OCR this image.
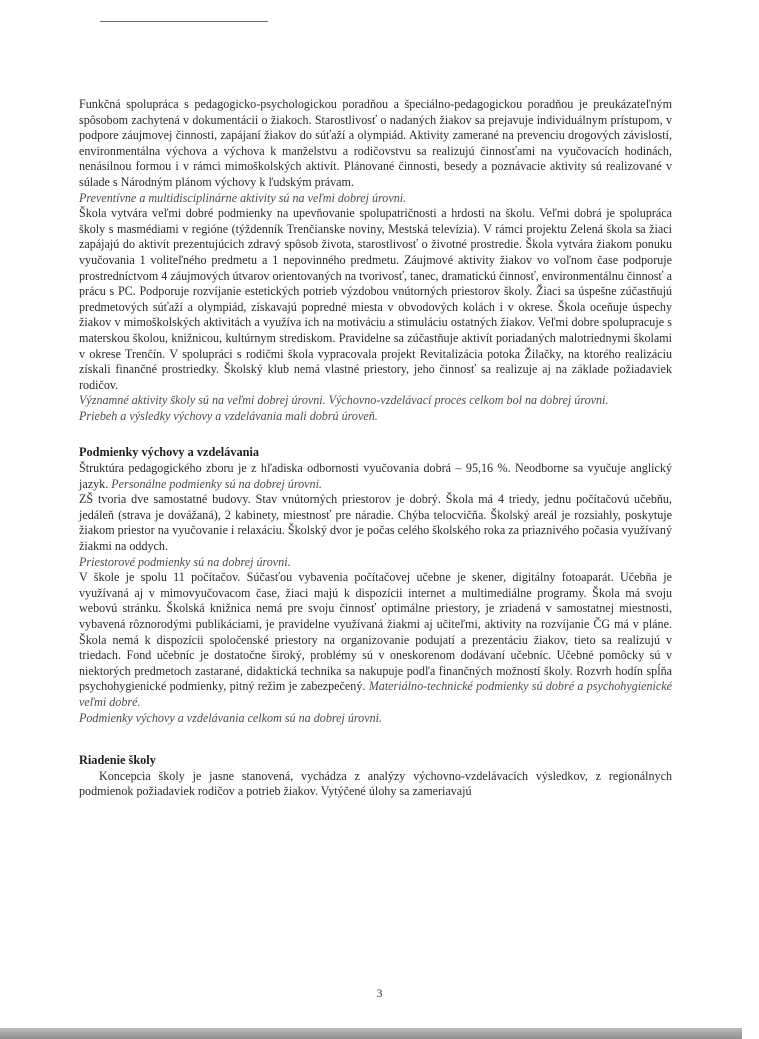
Funkčná spolupráca s pedagogicko-psychologickou poradňou a špeciálno-pedagogickou poradňou je preukázateľným spôsobom zachytená v dokumentácii o žiakoch. Starostlivosť o nadaných žiakov sa prejavuje individuálnym prístupom, v podpore záujmovej činnosti, zapájaní žiakov do súťaží a olympiád. Aktivity zamerané na prevenciu drogových závislostí, environmentálna výchova a výchova k manželstvu a rodičovstvu sa realizujú činnosťami na vyučovacích hodinách, nenásilnou formou i v rámci mimoškolských aktivít. Plánované činnosti, besedy a poznávacie aktivity sú realizované v súlade s Národným plánom výchovy k ľudským právam.

Preventívne a multidisciplinárne aktivity sú na veľmi dobrej úrovni.

Škola vytvára veľmi dobré podmienky na upevňovanie spolupatričnosti a hrdosti na školu. Veľmi dobrá je spolupráca školy s masmédiami v regióne (týždenník Trenčianske noviny, Mestská televízia). V rámci projektu Zelená škola sa žiaci zapájajú do aktivít prezentujúcich zdravý spôsob života, starostlivosť o životné prostredie. Škola vytvára žiakom ponuku vyučovania 1 voliteľného predmetu a 1 nepovinného predmetu. Záujmové aktivity žiakov vo voľnom čase podporuje prostredníctvom 4 záujmových útvarov orientovaných na tvorivosť, tanec, dramatickú činnosť, environmentálnu činnosť a prácu s PC. Podporuje rozvíjanie estetických potrieb výzdobou vnútorných priestorov školy. Žiaci sa úspešne zúčastňujú predmetových súťaží a olympiád, získavajú popredné miesta v obvodových kolách i v okrese. Škola oceňuje úspechy žiakov v mimoškolských aktivitách a využíva ich na motiváciu a stimuláciu ostatných žiakov. Veľmi dobre spolupracuje s materskou školou, knižnicou, kultúrnym strediskom. Pravidelne sa zúčastňuje aktivít poriadaných malotriednymi školami v okrese Trenčín. V spolupráci s rodičmi škola vypracovala projekt Revitalizácia potoka Žilačky, na ktorého realizáciu získali finančné prostriedky. Školský klub nemá vlastné priestory, jeho činnosť sa realizuje aj na základe požiadaviek rodičov.

Významné aktivity školy sú na veľmi dobrej úrovni. Výchovno-vzdelávací proces celkom bol na dobrej úrovni.

Priebeh a výsledky výchovy a vzdelávania mali dobrú úroveň.

Podmienky výchovy a vzdelávania

Štruktúra pedagogického zboru je z hľadiska odbornosti vyučovania dobrá – 95,16 %. Neodborne sa vyučuje anglický jazyk. Personálne podmienky sú na dobrej úrovni.

ZŠ tvoria dve samostatné budovy. Stav vnútorných priestorov je dobrý. Škola má 4 triedy, jednu počítačovú učebňu, jedáleň (strava je dovážaná), 2 kabinety, miestnosť pre náradie. Chýba telocvičňa. Školský areál je rozsiahly, poskytuje žiakom priestor na vyučovanie i relaxáciu. Školský dvor je počas celého školského roka za priaznivého počasia využívaný žiakmi na oddych.

Priestorové podmienky sú na dobrej úrovni.

V škole je spolu 11 počítačov. Súčasťou vybavenia počítačovej učebne je skener, digitálny fotoaparát. Učebňa je využívaná aj v mimovyučovacom čase, žiaci majú k dispozícii internet a multimediálne programy. Škola má svoju webovú stránku. Školská knižnica nemá pre svoju činnosť optimálne priestory, je zriadená v samostatnej miestnosti, vybavená rôznorodými publikáciami, je pravidelne využívaná žiakmi aj učiteľmi, aktivity na rozvíjanie ČG má v pláne. Škola nemá k dispozícii spoločenské priestory na organizovanie podujatí a prezentáciu žiakov, tieto sa realizujú v triedach. Fond učebníc je dostatočne široký, problémy sú v oneskorenom dodávaní učebníc. Učebné pomôcky sú v niektorých predmetoch zastarané, didaktická technika sa nakupuje podľa finančných možností školy. Rozvrh hodín spĺňa psychohygienické podmienky, pitný režim je zabezpečený. Materiálno-technické podmienky sú dobré a psychohygienické veľmi dobré.

Podmienky výchovy a vzdelávania celkom sú na dobrej úrovni.

Riadenie školy

Koncepcia školy je jasne stanovená, vychádza z analýzy výchovno-vzdelávacích výsledkov, z regionálnych podmienok požiadaviek rodičov a potrieb žiakov. Vytýčené úlohy sa zameriavajú

3
